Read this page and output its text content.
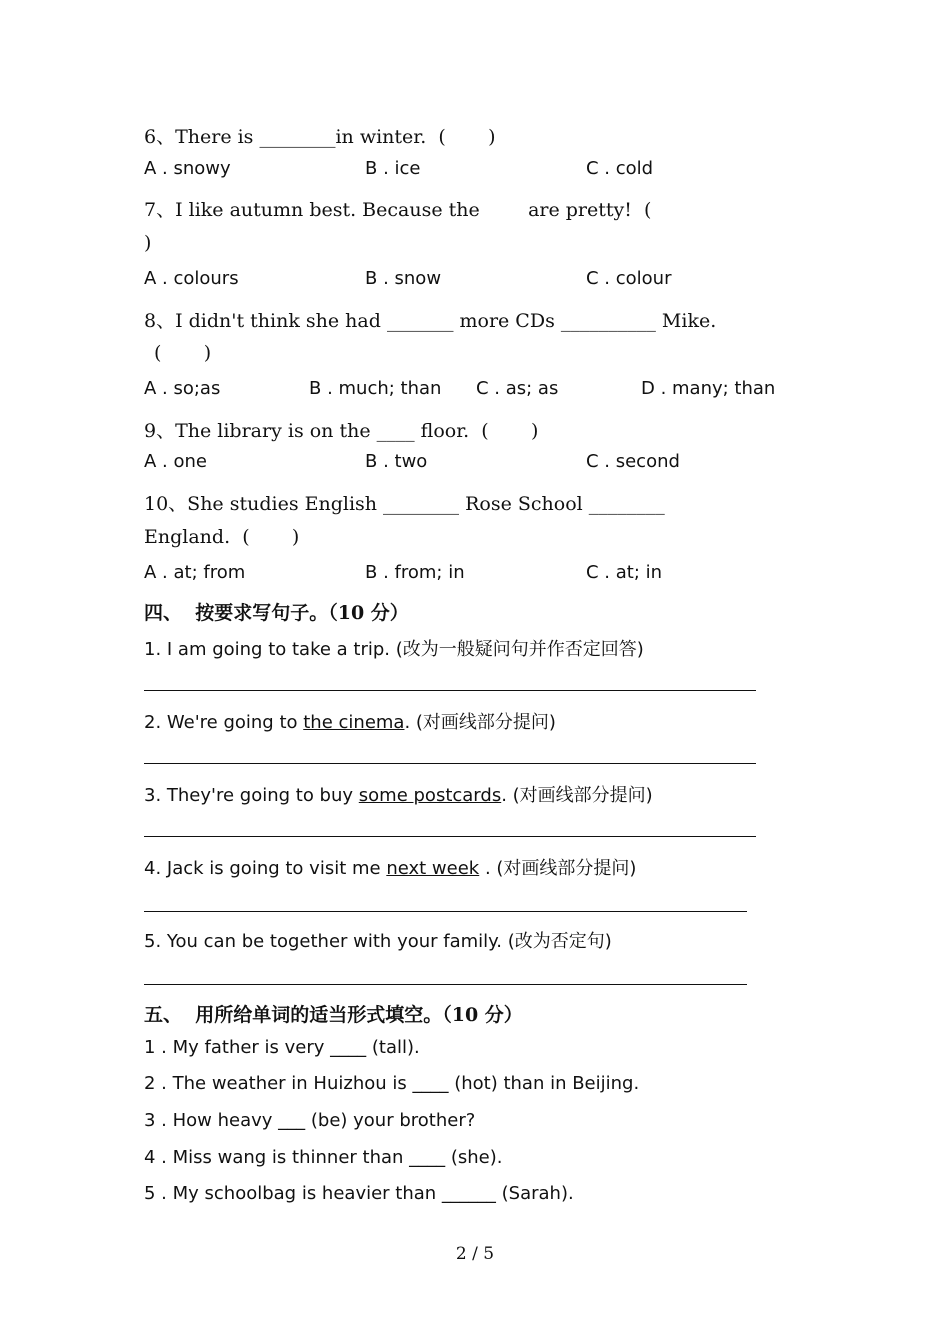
6、There is ________in winter.  (       )
A . snowy	B . ice	C . cold
7、I like autumn best. Because the        are pretty!  (
)
A . colours	B . snow	C . colour
8、I didn't think she had _______ more CDs __________ Mike.
(       )
A . so;as	B . much; than C . as; as	D . many; than
9、The library is on the ____ floor.  (       )
A . one	B . two	C . second
10、She studies English ________ Rose School ________
England.  (       )
A . at; from	B . from; in	C . at; in
四、  按要求写句子。（10 分）
1. I am going to take a trip. (改为一般疑问句并作否定回答)
2. We're going to the cinema. (对画线部分提问)
3. They're going to buy some postcards. (对画线部分提问)
4. Jack is going to visit me next week . (对画线部分提问)
5. You can be together with your family. (改为否定句)
五、  用所给单词的适当形式填空。（10 分）
1 . My father is very ____ (tall).
2 . The weather in Huizhou is ____ (hot) than in Beijing.
3 . How heavy ___ (be) your brother?
4 . Miss wang is thinner than ____ (she).
5 . My schoolbag is heavier than ______ (Sarah).
2 / 5
